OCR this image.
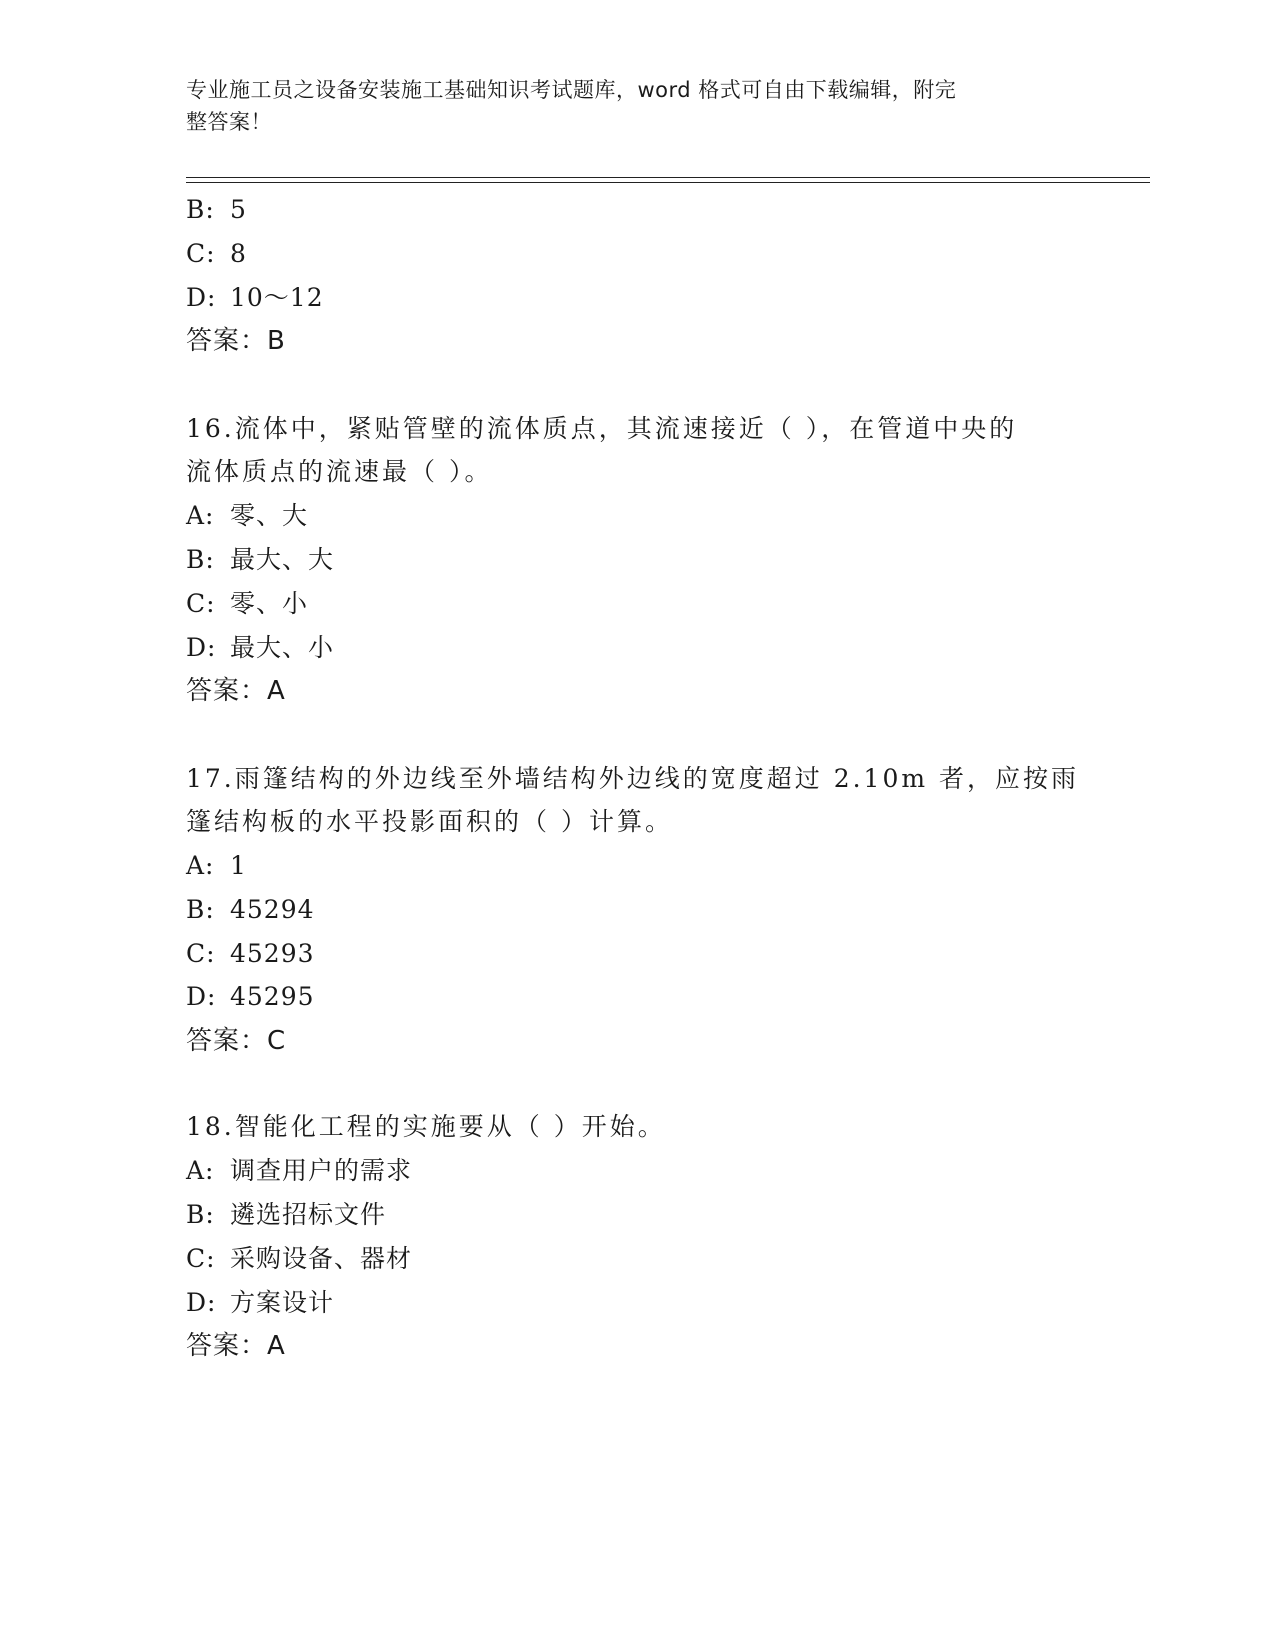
专业施工员之设备安装施工基础知识考试题库，word 格式可自由下载编辑，附完
整答案！
B: 5
C: 8
D: 10～12
答案：B
16.流体中，紧贴管壁的流体质点，其流速接近（ ），在管道中央的
流体质点的流速最（ ）。
A: 零、大
B: 最大、大
C: 零、小
D: 最大、小
答案：A
17.雨篷结构的外边线至外墙结构外边线的宽度超过 2.10m 者，应按雨
篷结构板的水平投影面积的（ ）计算。
A: 1
B: 45294
C: 45293
D: 45295
答案：C
18.智能化工程的实施要从（ ）开始。
A: 调查用户的需求
B: 遴选招标文件
C: 采购设备、器材
D: 方案设计
答案：A
